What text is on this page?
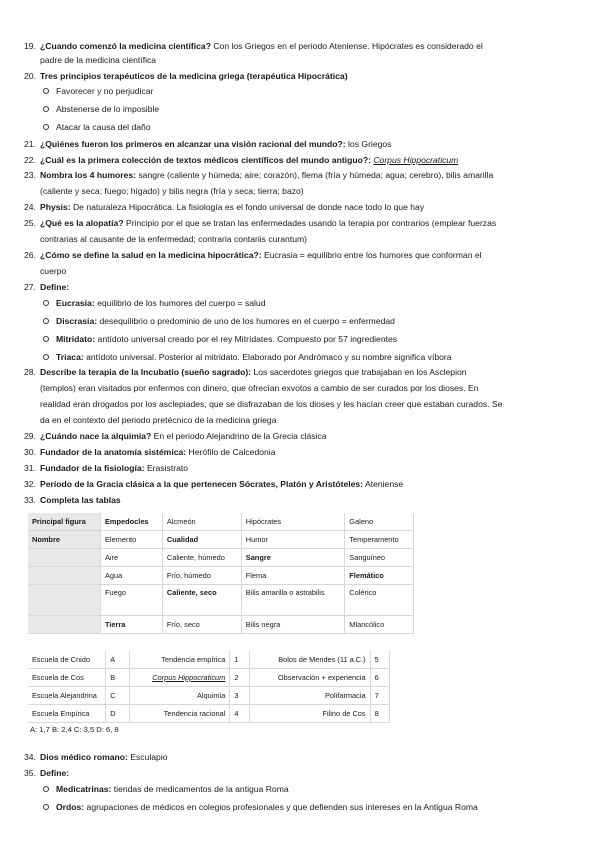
19. ¿Cuando comenzó la medicina científica? Con los Griegos en el periodo Ateniense. Hipócrates es considerado el
padre de la medicina científica
20. Tres principios terapéuticos de la medicina griega (terapéutica Hipocrática)
Favorecer y no perjudicar
Abstenerse de lo imposible
Atacar la causa del daño
21. ¿Quiénes fueron los primeros en alcanzar una visión racional del mundo?: los Griegos
22. ¿Cuál es la primera colección de textos médicos científicos del mundo antiguo?: Corpus Hippocraticum
23. Nombra los 4 humores: sangre (caliente y húmeda; aire; corazón), flema (fría y húmeda; agua; cerebro), bilis amarilla
(caliente y seca; fuego; hígado) y bilis negra (fría y seca; tierra; bazo)
24. Physis: De naturaleza Hipocrática. La fisiología es el fondo universal de donde nace todo lo que hay
25. ¿Qué es la alopatía? Principio por el que se tratan las enfermedades usando la terapia por contrarios (emplear fuerzas
contrarias al causante de la enfermedad; contraria contariis curantum)
26. ¿Cómo se define la salud en la medicina hipocrática?: Eucrasia = equilibrio entre los humores que conforman el
cuerpo
27. Define:
Eucrasia: equilibrio de los humores del cuerpo = salud
Discrasia: desequilibrio o predominio de uno de los humores en el cuerpo = enfermedad
Mitridato: antídoto universal creado por el rey Mitrídates. Compuesto por 57 ingredientes
Triaca: antídoto universal. Posterior al mitridato. Elaborado por Andrómaco y su nombre significa víbora
28. Describe la terapia de la Incubatio (sueño sagrado): Los sacerdotes griegos que trabajaban en los Asclepion
(templos) eran visitados por enfermos con dinero, que ofrecían exvotos a cambio de ser curados por los dioses. En
realidad eran drogados por los asclepiades, que se disfrazaban de los dioses y les hacían creer que estaban curados. Se
da en el contexto del periodo pretécnico de la medicina griega
29. ¿Cuándo nace la alquimia? En el periodo Alejandrino de la Grecia clásica
30. Fundador de la anatomía sistémica: Herófilo de Calcedonia
31. Fundador de la fisiología: Erasistrato
32. Período de la Gracia clásica a la que pertenecen Sócrates, Platón y Aristóteles: Ateniense
33. Completa las tablas
Principal figura	Empedocles	Alcmeón	Hipócrates	Galeno
Nombre	Elemento	Cualidad	Humor	Temperamento
	Aire	Caliente, húmedo	Sangre	Sanguíneo
	Agua	Frío, húmedo	Flema	Flemático
	Fuego	Caliente, seco	Bilis amarilla o astrabilis	Colérico
	Tierra	Frío, seco	Bilis negra	Mlancólico
Escuela de Cnido	A	Tendencia empírica	1	Bolos de Mendes (11 a.C.)	5
Escuela de Cos	B	Corpus Hippocraticum	2	Observación + experiencia	6
Escuela Alejandrina	C	Alquimia	3	Polifarmacia	7
Escuela Empírica	D	Tendencia racional	4	Filino de Cos	8
A: 1,7 B: 2,4 C: 3,5 D: 6, 8
34. Dios médico romano: Esculapio
35. Define:
Medicatrinas: tiendas de medicamentos de la antigua Roma
Ordos: agrupaciones de médicos en colegios profesionales y que defienden sus intereses en la Antigua Roma
